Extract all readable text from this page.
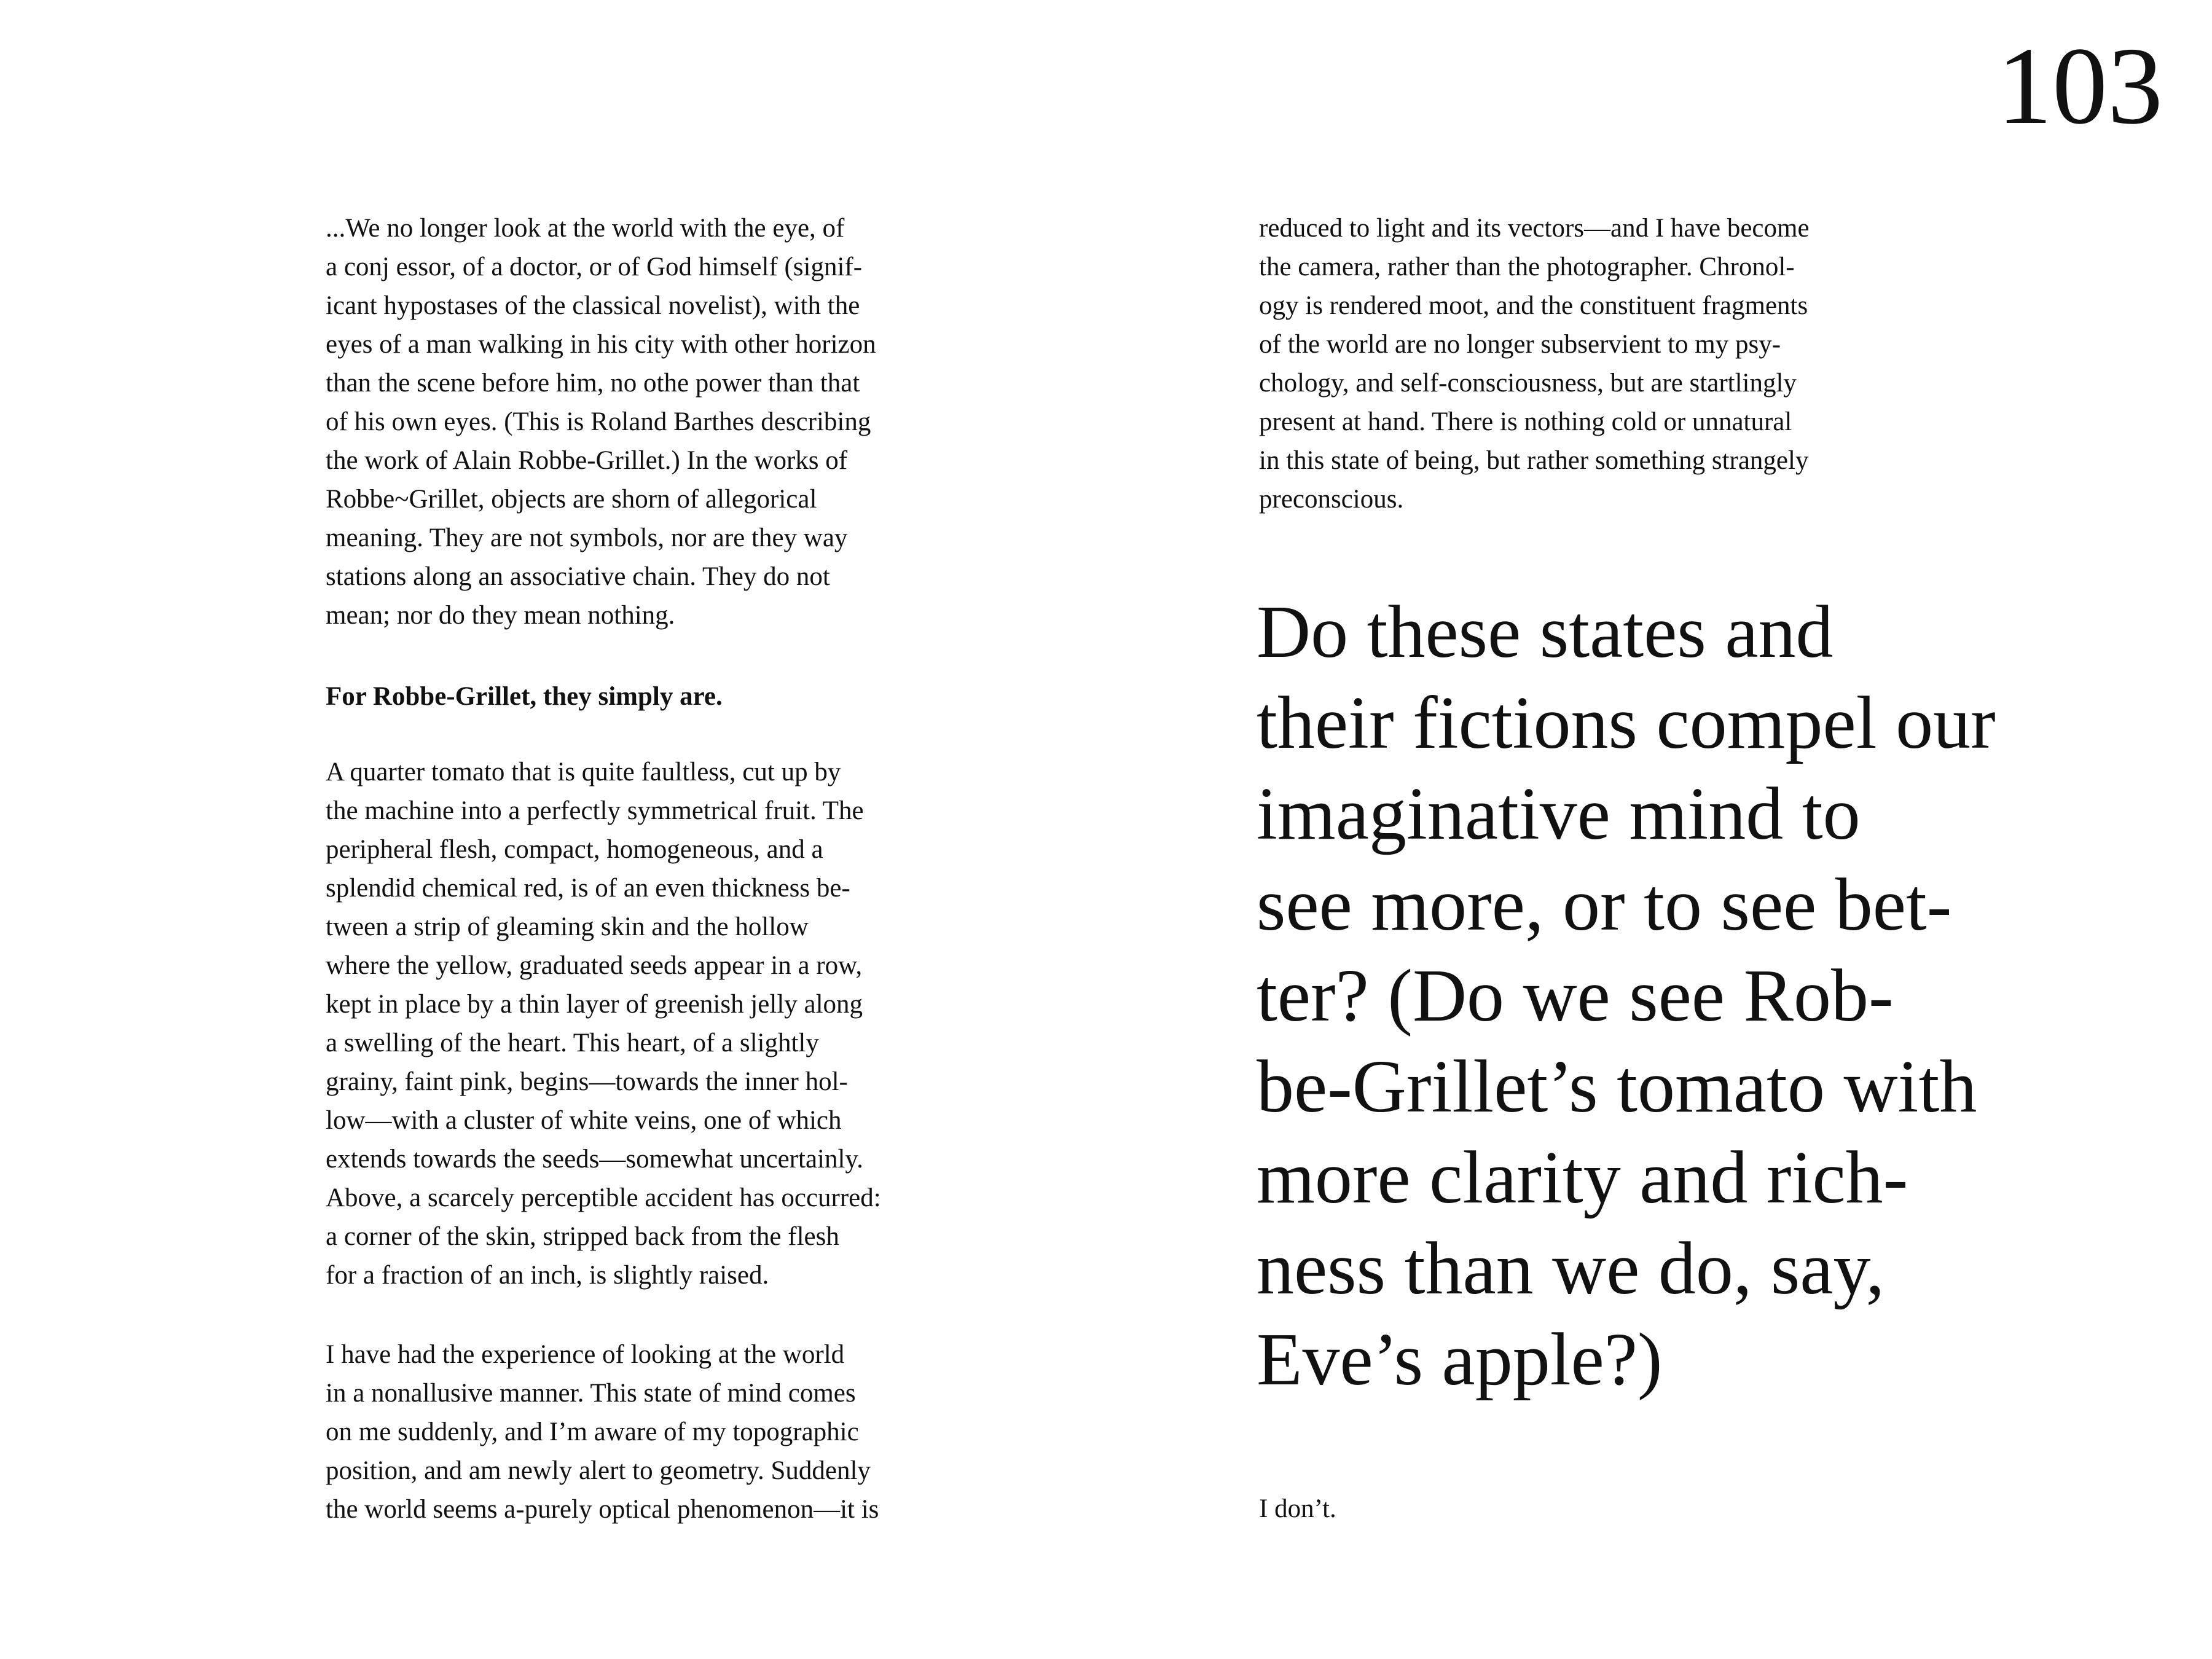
103
...We no longer look at the world with the eye, of
a conj essor, of a doctor, or of God himself (signif-
icant hypostases of the classical novelist), with the
eyes of a man walking in his city with other horizon
than the scene before him, no othe power than that
of his own eyes. (This is Roland Barthes describing
the work of Alain Robbe-Grillet.) In the works of
Robbe~Grillet, objects are shorn of allegorical
meaning. They are not symbols, nor are they way
stations along an associative chain. They do not
mean; nor do they mean nothing.
For Robbe-Grillet, they simply are.
A quarter tomato that is quite faultless, cut up by
the machine into a perfectly symmetrical fruit. The
peripheral flesh, compact, homogeneous, and a
splendid chemical red, is of an even thickness be-
tween a strip of gleaming skin and the hollow
where the yellow, graduated seeds appear in a row,
kept in place by a thin layer of greenish jelly along
a swelling of the heart. This heart, of a slightly
grainy, faint pink, begins—towards the inner hol-
low—with a cluster of white veins, one of which
extends towards the seeds—somewhat uncertainly.
Above, a scarcely perceptible accident has occurred:
a corner of the skin, stripped back from the flesh
for a fraction of an inch, is slightly raised.
I have had the experience of looking at the world
in a nonallusive manner. This state of mind comes
on me suddenly, and I’m aware of my topographic
position, and am newly alert to geometry. Suddenly
the world seems a-purely optical phenomenon—it is
reduced to light and its vectors—and I have become
the camera, rather than the photographer. Chronol-
ogy is rendered moot, and the constituent fragments
of the world are no longer subservient to my psy-
chology, and self-consciousness, but are startlingly
present at hand. There is nothing cold or unnatural
in this state of being, but rather something strangely
preconscious.
Do these states and
their fictions compel our
imaginative mind to
see more, or to see bet-
ter? (Do we see Rob-
be-Grillet’s tomato with
more clarity and rich-
ness than we do, say,
Eve’s apple?)
I don’t.
